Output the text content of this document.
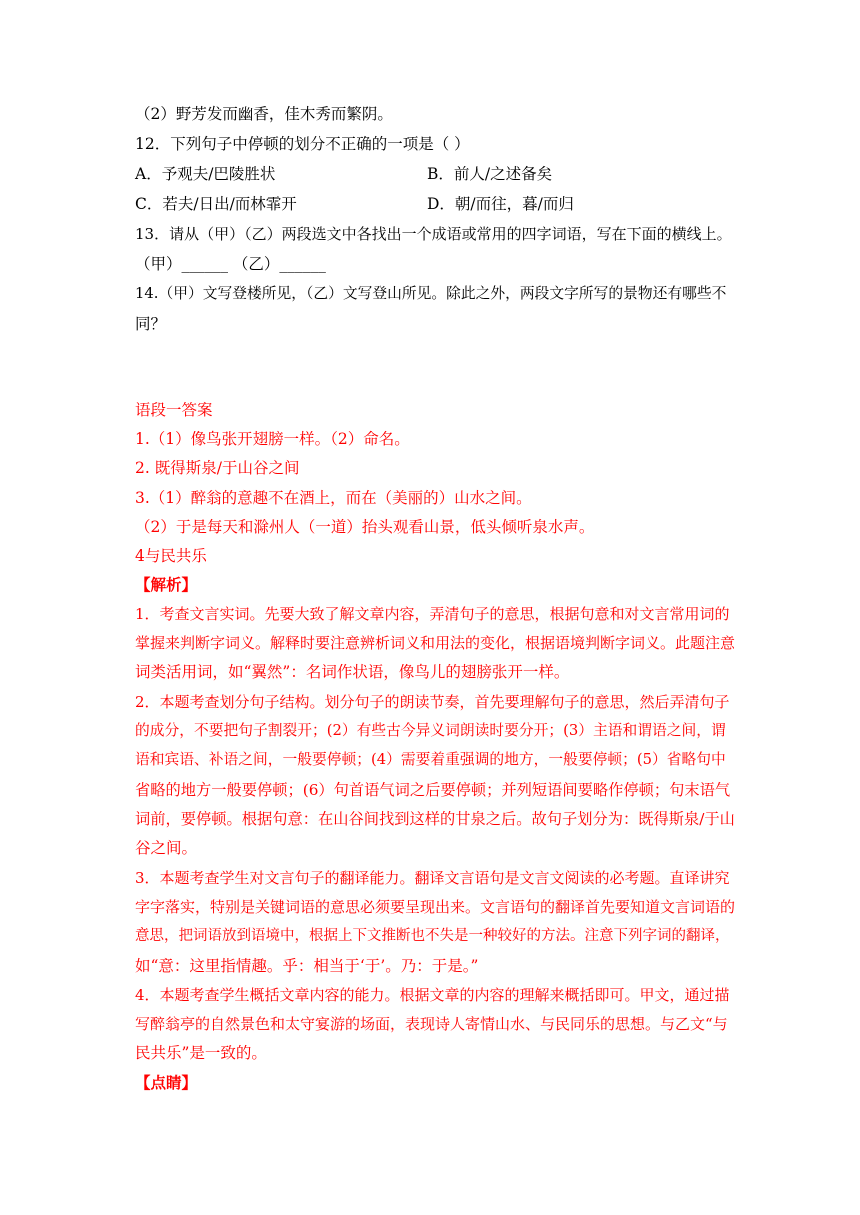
（2）野芳发而幽香，佳木秀而繁阴。
12．下列句子中停顿的划分不正确的一项是（ ）
A．予观夫/巴陵胜状	B．前人/之述备矣
C．若夫/日出/而林霏开	D．朝/而往，暮/而归
13．请从（甲）（乙）两段选文中各找出一个成语或常用的四字词语，写在下面的横线上。
（甲）______ （乙）______
14.（甲）文写登楼所见，（乙）文写登山所见。除此之外，两段文字所写的景物还有哪些不
同？
语段一答案
1.（1）像鸟张开翅膀一样。（2）命名。
2. 既得斯泉/于山谷之间
3.（1）醉翁的意趣不在酒上，而在（美丽的）山水之间。
（2）于是每天和滁州人（一道）抬头观看山景，低头倾听泉水声。
4与民共乐
【解析】
1．考查文言实词。先要大致了解文章内容，弄清句子的意思，根据句意和对文言常用词的
掌握来判断字词义。解释时要注意辨析词义和用法的变化，根据语境判断字词义。此题注意
词类活用词，如“翼然”：名词作状语，像鸟儿的翅膀张开一样。
2．本题考查划分句子结构。划分句子的朗读节奏，首先要理解句子的意思，然后弄清句子
的成分，不要把句子割裂开；(2）有些古今异义词朗读时要分开；(3）主语和谓语之间，谓
语和宾语、补语之间，一般要停顿；(4）需要着重强调的地方，一般要停顿；(5）省略句中
省略的地方一般要停顿；(6）句首语气词之后要停顿；并列短语间要略作停顿；句末语气
词前，要停顿。根据句意：在山谷间找到这样的甘泉之后。故句子划分为：既得斯泉/于山
谷之间。
3．本题考查学生对文言句子的翻译能力。翻译文言语句是文言文阅读的必考题。直译讲究
字字落实，特别是关键词语的意思必须要呈现出来。文言语句的翻译首先要知道文言词语的
意思，把词语放到语境中，根据上下文推断也不失是一种较好的方法。注意下列字词的翻译，
如“意：这里指情趣。乎：相当于‘于’。乃：于是。”
4．本题考查学生概括文章内容的能力。根据文章的内容的理解来概括即可。甲文，通过描
写醉翁亭的自然景色和太守宴游的场面，表现诗人寄情山水、与民同乐的思想。与乙文“与
民共乐”是一致的。
【点睛】
